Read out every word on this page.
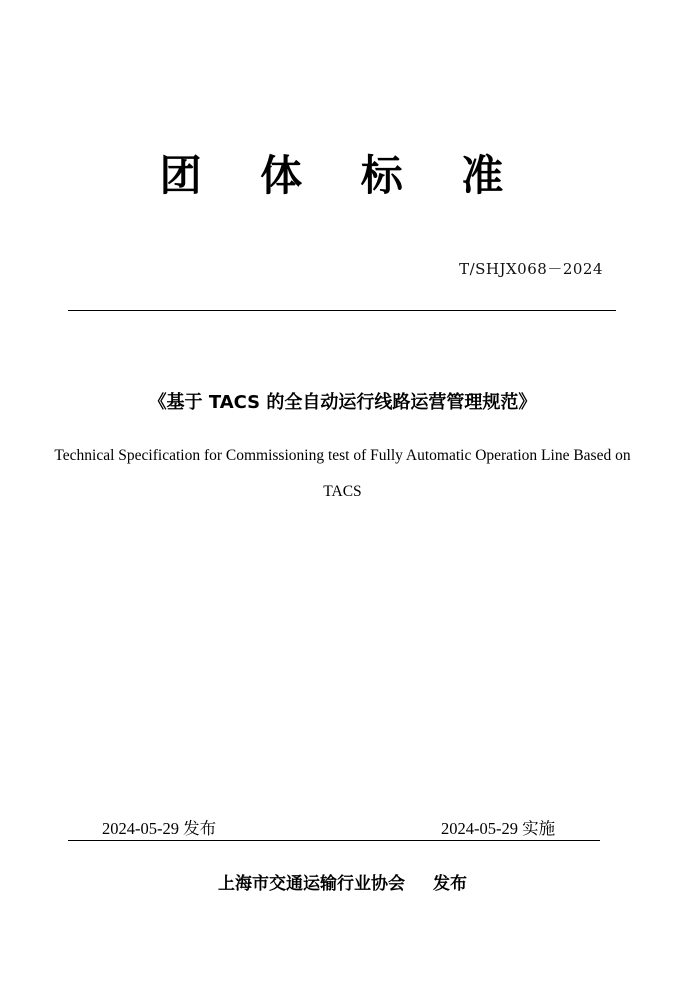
团 体 标 准
T/SHJX068－2024
《基于 TACS 的全自动运行线路运营管理规范》
Technical Specification for Commissioning test of Fully Automatic Operation Line Based on TACS
2024-05-29 发布	2024-05-29 实施
上海市交通运输行业协会 发布
